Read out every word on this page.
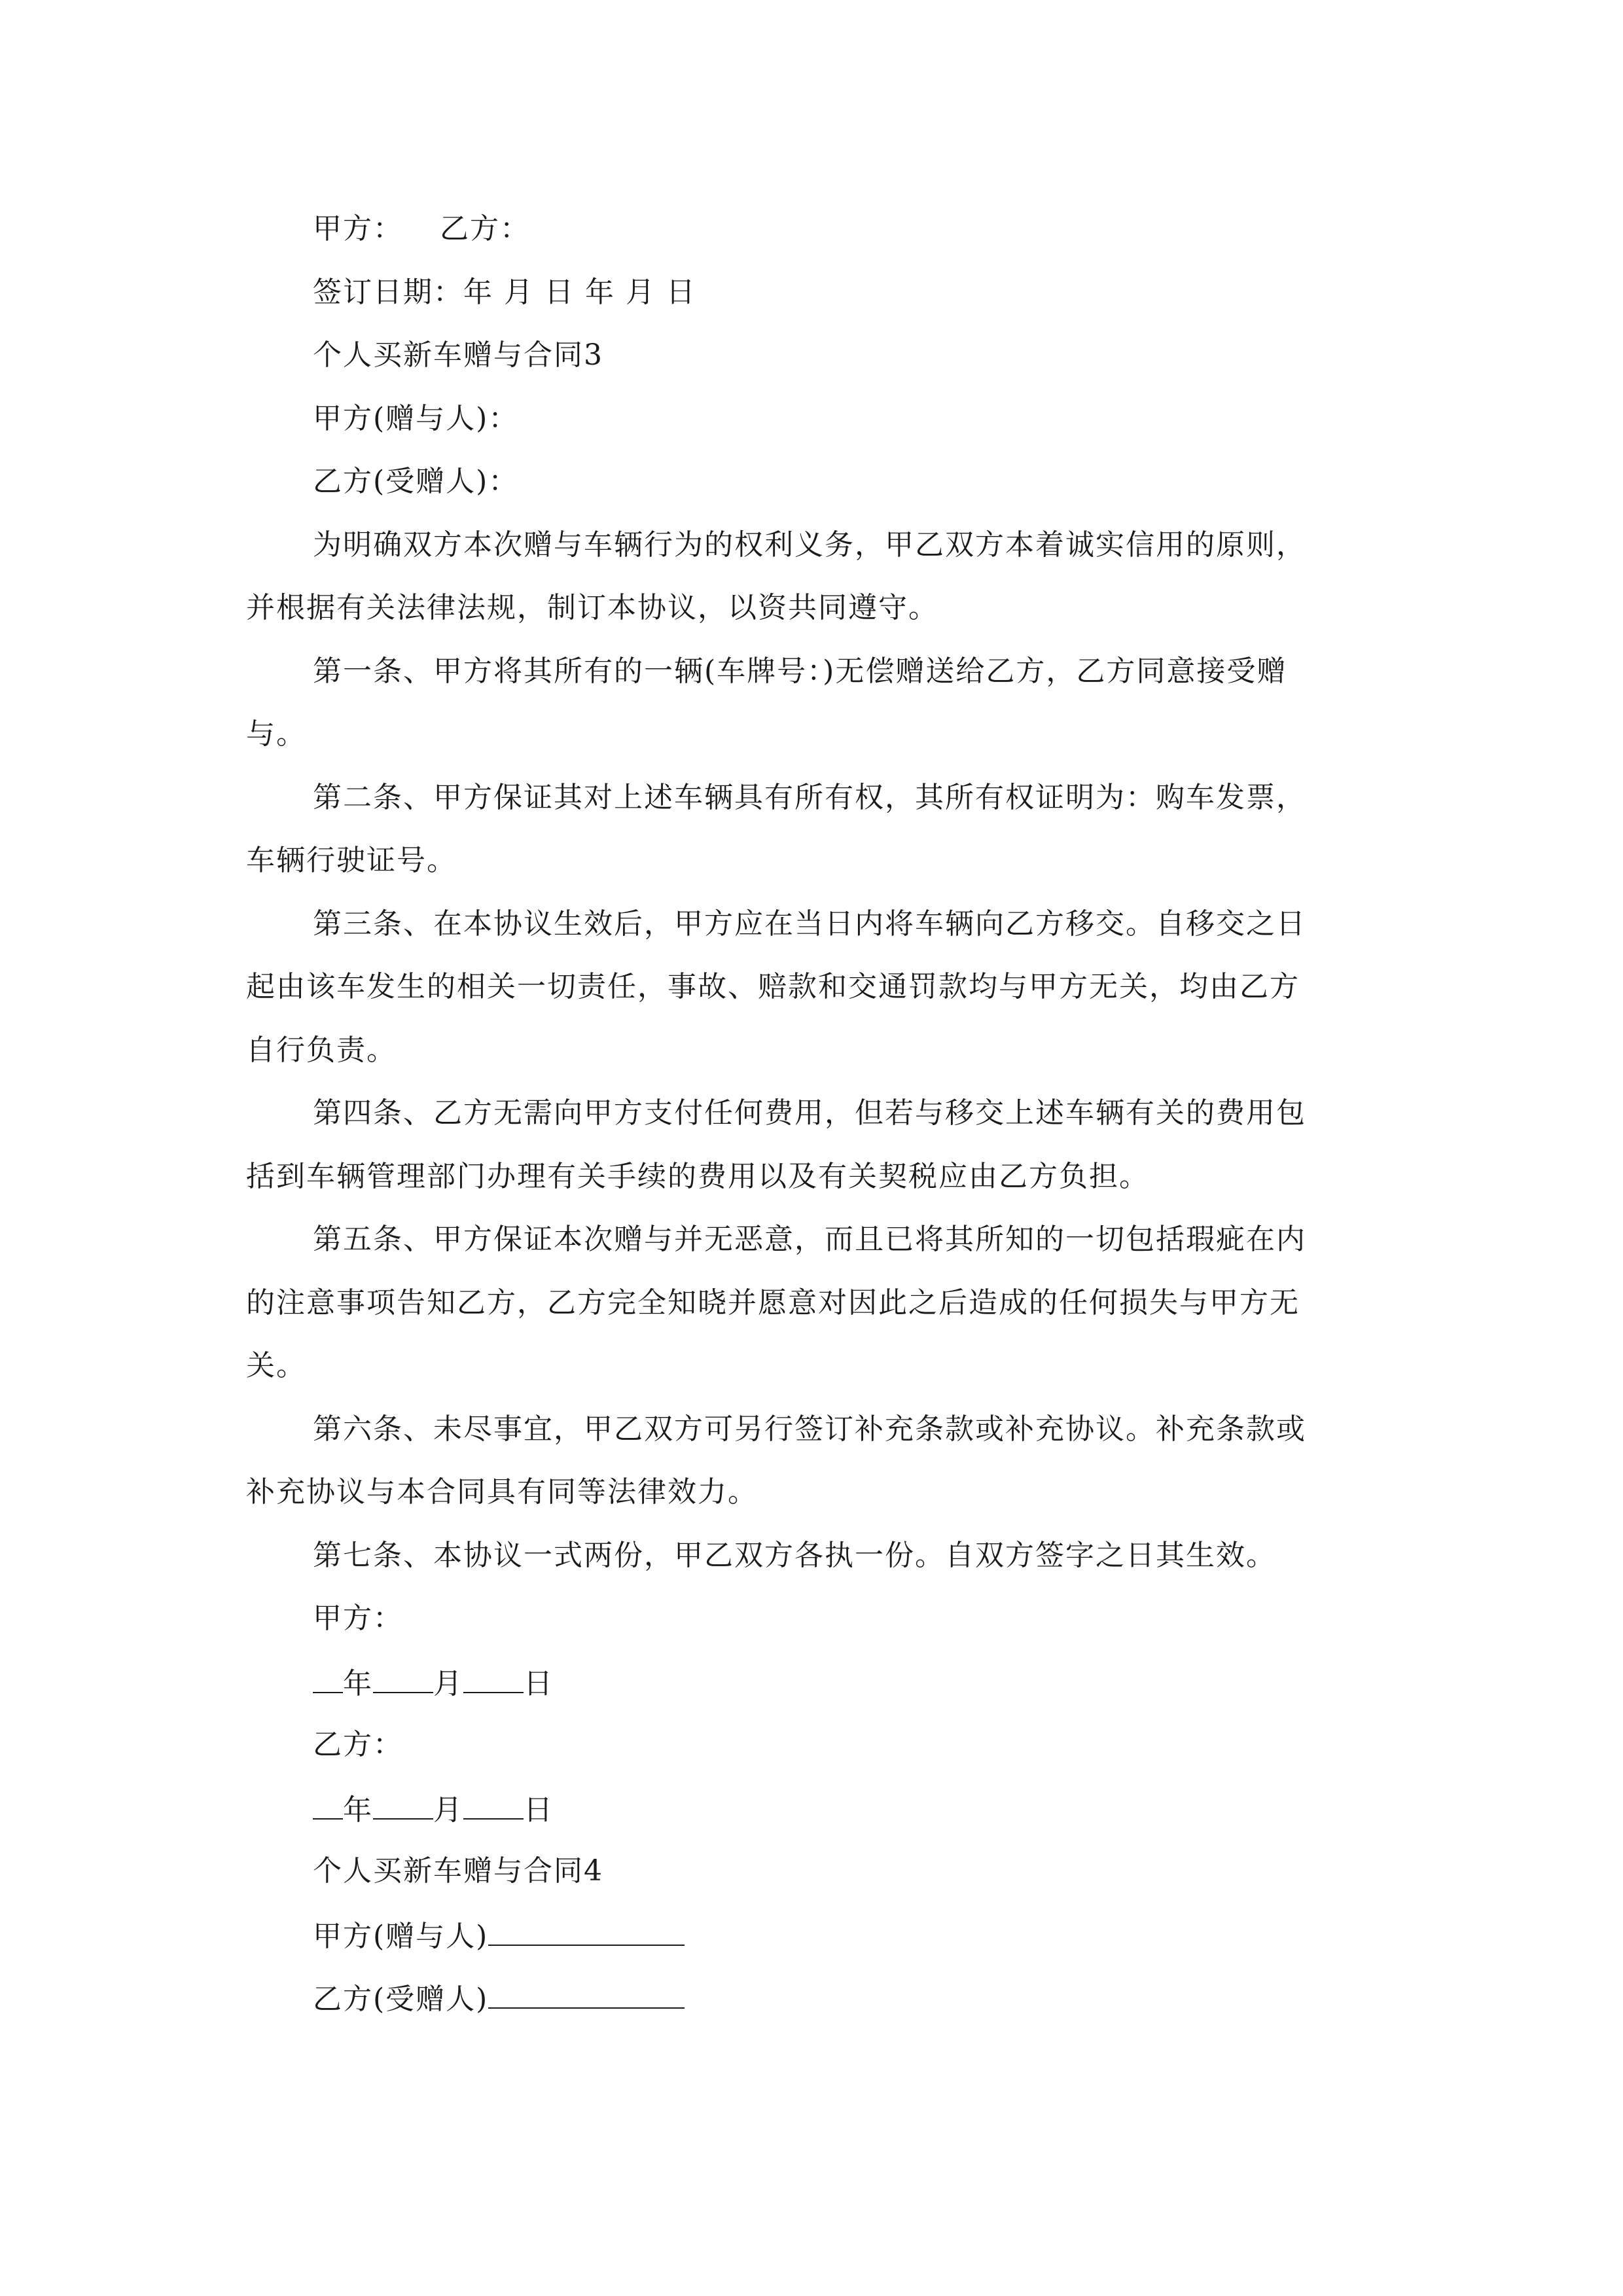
甲方： 乙方：
签订日期：年 月 日 年 月 日
个人买新车赠与合同3
甲方(赠与人)：
乙方(受赠人)：
为明确双方本次赠与车辆行为的权利义务，甲乙双方本着诚实信用的原则，
并根据有关法律法规，制订本协议，以资共同遵守。
第一条、甲方将其所有的一辆(车牌号：)无偿赠送给乙方，乙方同意接受赠
与。
第二条、甲方保证其对上述车辆具有所有权，其所有权证明为：购车发票，
车辆行驶证号。
第三条、在本协议生效后，甲方应在当日内将车辆向乙方移交。自移交之日
起由该车发生的相关一切责任，事故、赔款和交通罚款均与甲方无关，均由乙方
自行负责。
第四条、乙方无需向甲方支付任何费用，但若与移交上述车辆有关的费用包
括到车辆管理部门办理有关手续的费用以及有关契税应由乙方负担。
第五条、甲方保证本次赠与并无恶意，而且已将其所知的一切包括瑕疵在内
的注意事项告知乙方，乙方完全知晓并愿意对因此之后造成的任何损失与甲方无
关。
第六条、未尽事宜，甲乙双方可另行签订补充条款或补充协议。补充条款或
补充协议与本合同具有同等法律效力。
第七条、本协议一式两份，甲乙双方各执一份。自双方签字之日其生效。
甲方：
年 月 日
乙方：
年 月 日
个人买新车赠与合同4
甲方(赠与人)
乙方(受赠人)
